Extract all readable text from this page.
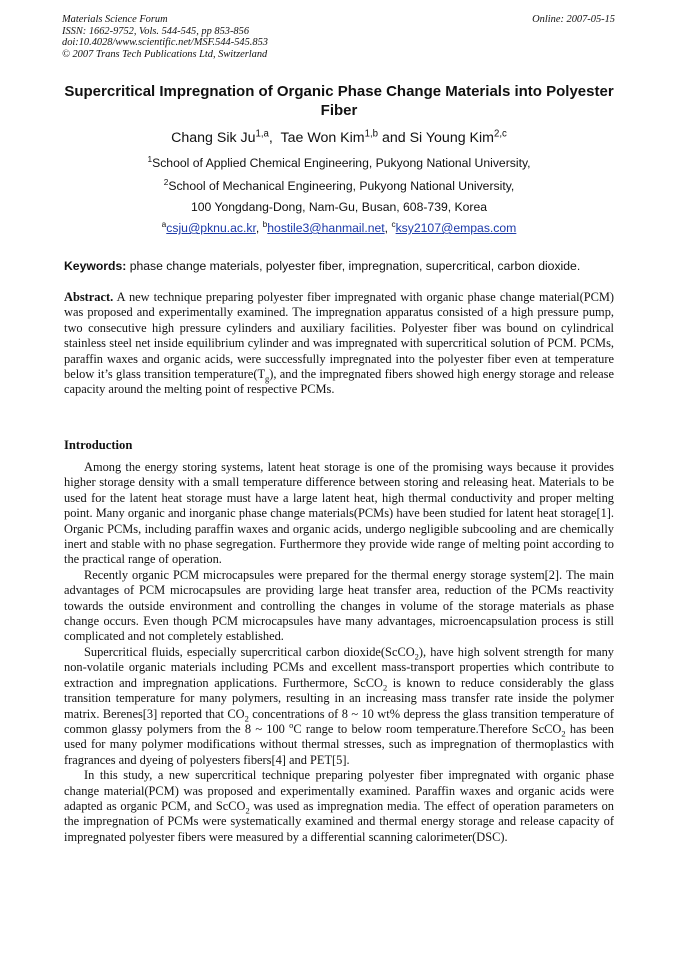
Materials Science Forum
ISSN: 1662-9752, Vols. 544-545, pp 853-856
doi:10.4028/www.scientific.net/MSF.544-545.853
© 2007 Trans Tech Publications Ltd, Switzerland
Online: 2007-05-15
Supercritical Impregnation of Organic Phase Change Materials into Polyester Fiber
Chang Sik Ju$^{1,a}$,  Tae Won Kim$^{1,b}$ and Si Young Kim$^{2,c}$
$^1$School of Applied Chemical Engineering, Pukyong National University,
$^2$School of Mechanical Engineering, Pukyong National University,
100 Yongdang-Dong, Nam-Gu, Busan, 608-739, Korea
$^a$csju@pknu.ac.kr, $^b$hostile3@hanmail.net, $^c$ksy2107@empas.com
Keywords: phase change materials, polyester fiber, impregnation, supercritical, carbon dioxide.
Abstract. A new technique preparing polyester fiber impregnated with organic phase change material(PCM) was proposed and experimentally examined. The impregnation apparatus consisted of a high pressure pump, two consecutive high pressure cylinders and auxiliary facilities. Polyester fiber was bound on cylindrical stainless steel net inside equilibrium cylinder and was impregnated with supercritical solution of PCM. PCMs, paraffin waxes and organic acids, were successfully impregnated into the polyester fiber even at temperature below it’s glass transition $temperature(T_g)$, and the impregnated fibers showed high energy storage and release capacity around the melting point of respective PCMs.
Introduction

Among the energy storing systems, latent heat storage is one of the promising ways because it provides higher storage density with a small temperature difference between storing and releasing heat. Materials to be used for the latent heat storage must have a large latent heat, high thermal conductivity and proper melting point. Many organic and inorganic phase change materials(PCMs) have been studied for latent heat storage[1]. Organic PCMs, including paraffin waxes and organic acids, undergo negligible subcooling and are chemically inert and stable with no phase segregation. Furthermore they provide wide range of melting point according to the practical range of operation.

Recently organic PCM microcapsules were prepared for the thermal energy storage system[2]. The main advantages of PCM microcapsules are providing large heat transfer area, reduction of the PCMs reactivity towards the outside environment and controlling the changes in volume of the storage materials as phase change occurs. Even though PCM microcapsules have many advantages, microencapsulation process is still complicated and not completely established.

Supercritical fluids, especially supercritical carbon dioxide(ScCO$_2$), have high solvent strength for many non-volatile organic materials including PCMs and excellent mass-transport properties which contribute to extraction and impregnation applications. Furthermore, ScCO$_2$ is known to reduce considerably the glass transition temperature for many polymers, resulting in an increasing mass transfer rate inside the polymer matrix. Berenes[3] reported that $CO_2$ concentrations of 8 ~ 10 wt% depress the glass transition temperature of common glassy polymers from the 8 ~ 100 $^o$C range to below room temperature.Therefore ScCO$_2$ has been used for many polymer modifications without thermal stresses, such as impregnation of thermoplastics with fragrances and dyeing of polyesters fibers[4] and PET[5].

In this study, a new supercritical technique preparing polyester fiber impregnated with organic phase change material(PCM) was proposed and experimentally examined. Paraffin waxes and organic acids were adapted as organic PCM, and ScCO$_2$ was used as impregnation media. The effect of operation parameters on the impregnation of PCMs were systematically examined and thermal energy storage and release capacity of impregnated polyester fibers were measured by a differential scanning calorimeter(DSC).
